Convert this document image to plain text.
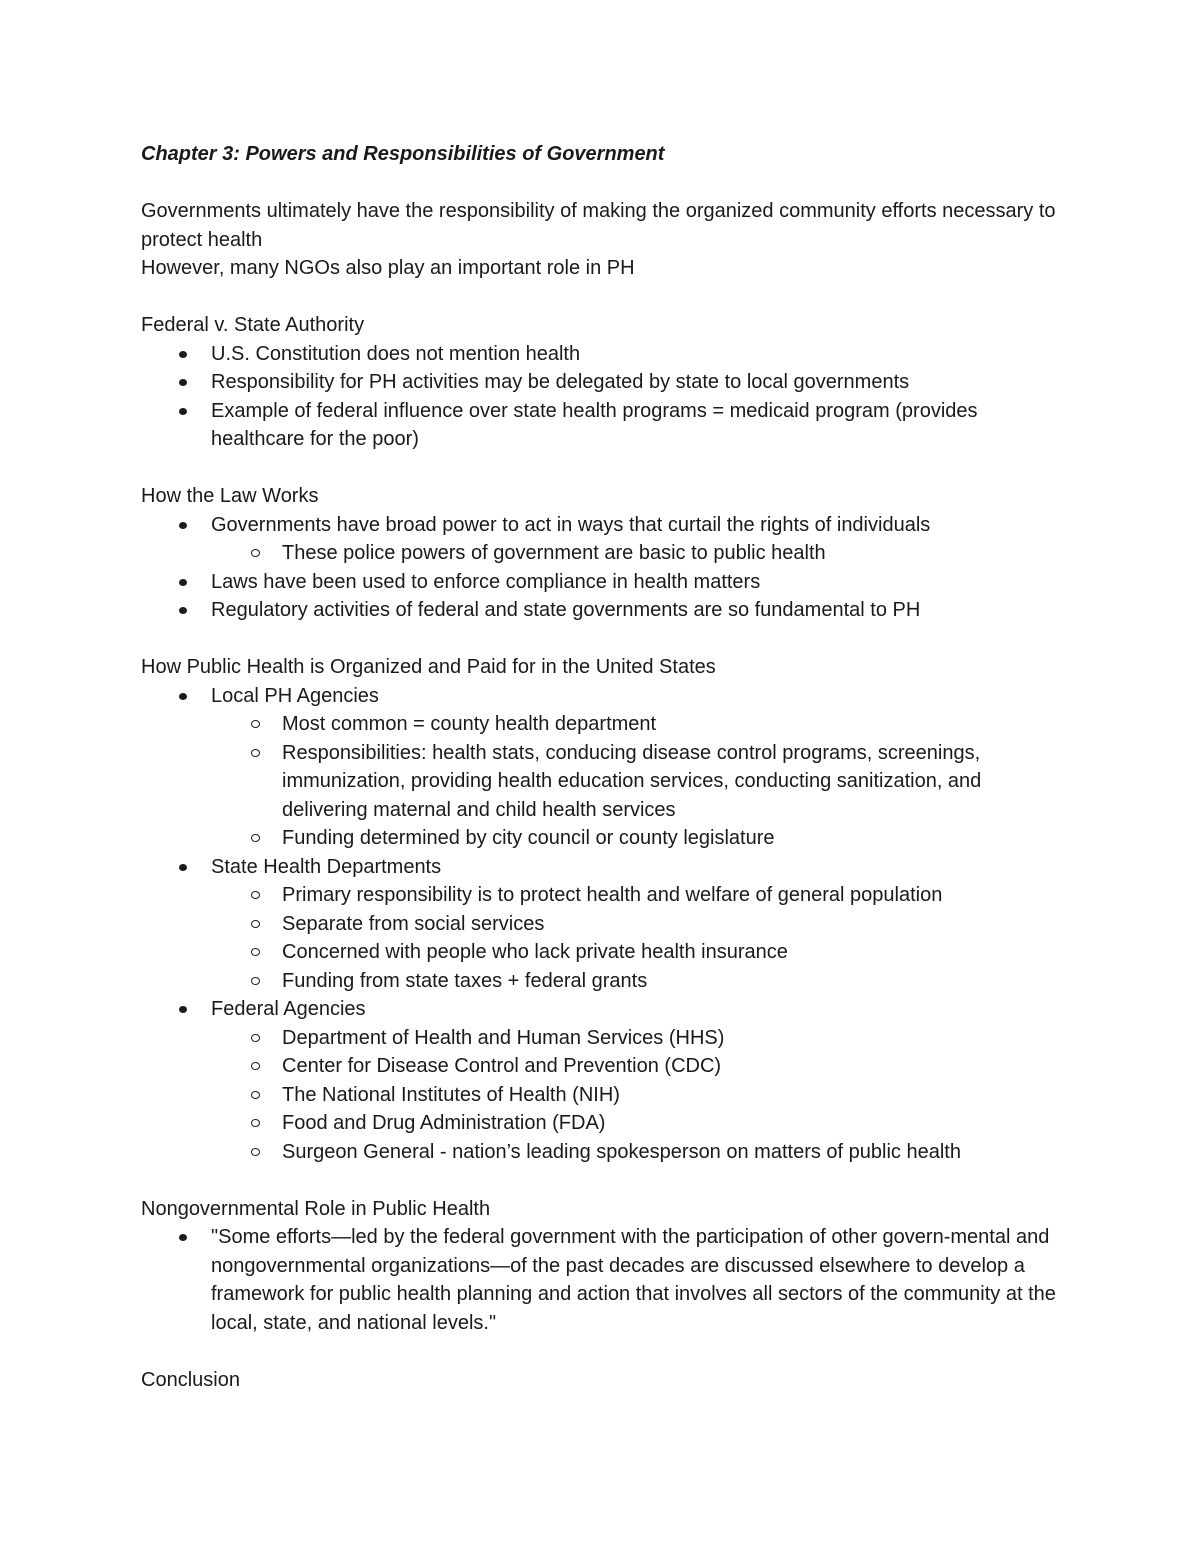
Chapter 3: Powers and Responsibilities of Government

Governments ultimately have the responsibility of making the organized community efforts necessary to protect health

However, many NGOs also play an important role in PH

Federal v. State Authority

U.S. Constitution does not mention health
Responsibility for PH activities may be delegated by state to local governments
Example of federal influence over state health programs = medicaid program (provides healthcare for the poor)

How the Law Works

Governments have broad power to act in ways that curtail the rights of individuals
These police powers of government are basic to public health
Laws have been used to enforce compliance in health matters
Regulatory activities of federal and state governments are so fundamental to PH

How Public Health is Organized and Paid for in the United States

Local PH Agencies
Most common = county health department
Responsibilities: health stats, conducing disease control programs, screenings, immunization, providing health education services, conducting sanitization, and delivering maternal and child health services
Funding determined by city council or county legislature
State Health Departments
Primary responsibility is to protect health and welfare of general population
Separate from social services
Concerned with people who lack private health insurance
Funding from state taxes + federal grants
Federal Agencies
Department of Health and Human Services (HHS)
Center for Disease Control and Prevention (CDC)
The National Institutes of Health (NIH)
Food and Drug Administration (FDA)
Surgeon General - nation’s leading spokesperson on matters of public health

Nongovernmental Role in Public Health

"Some efforts—led by the federal government with the participation of other govern-mental and nongovernmental organizations—of the past decades are discussed elsewhere to develop a framework for public health planning and action that involves all sectors of the community at the local, state, and national levels."

Conclusion
